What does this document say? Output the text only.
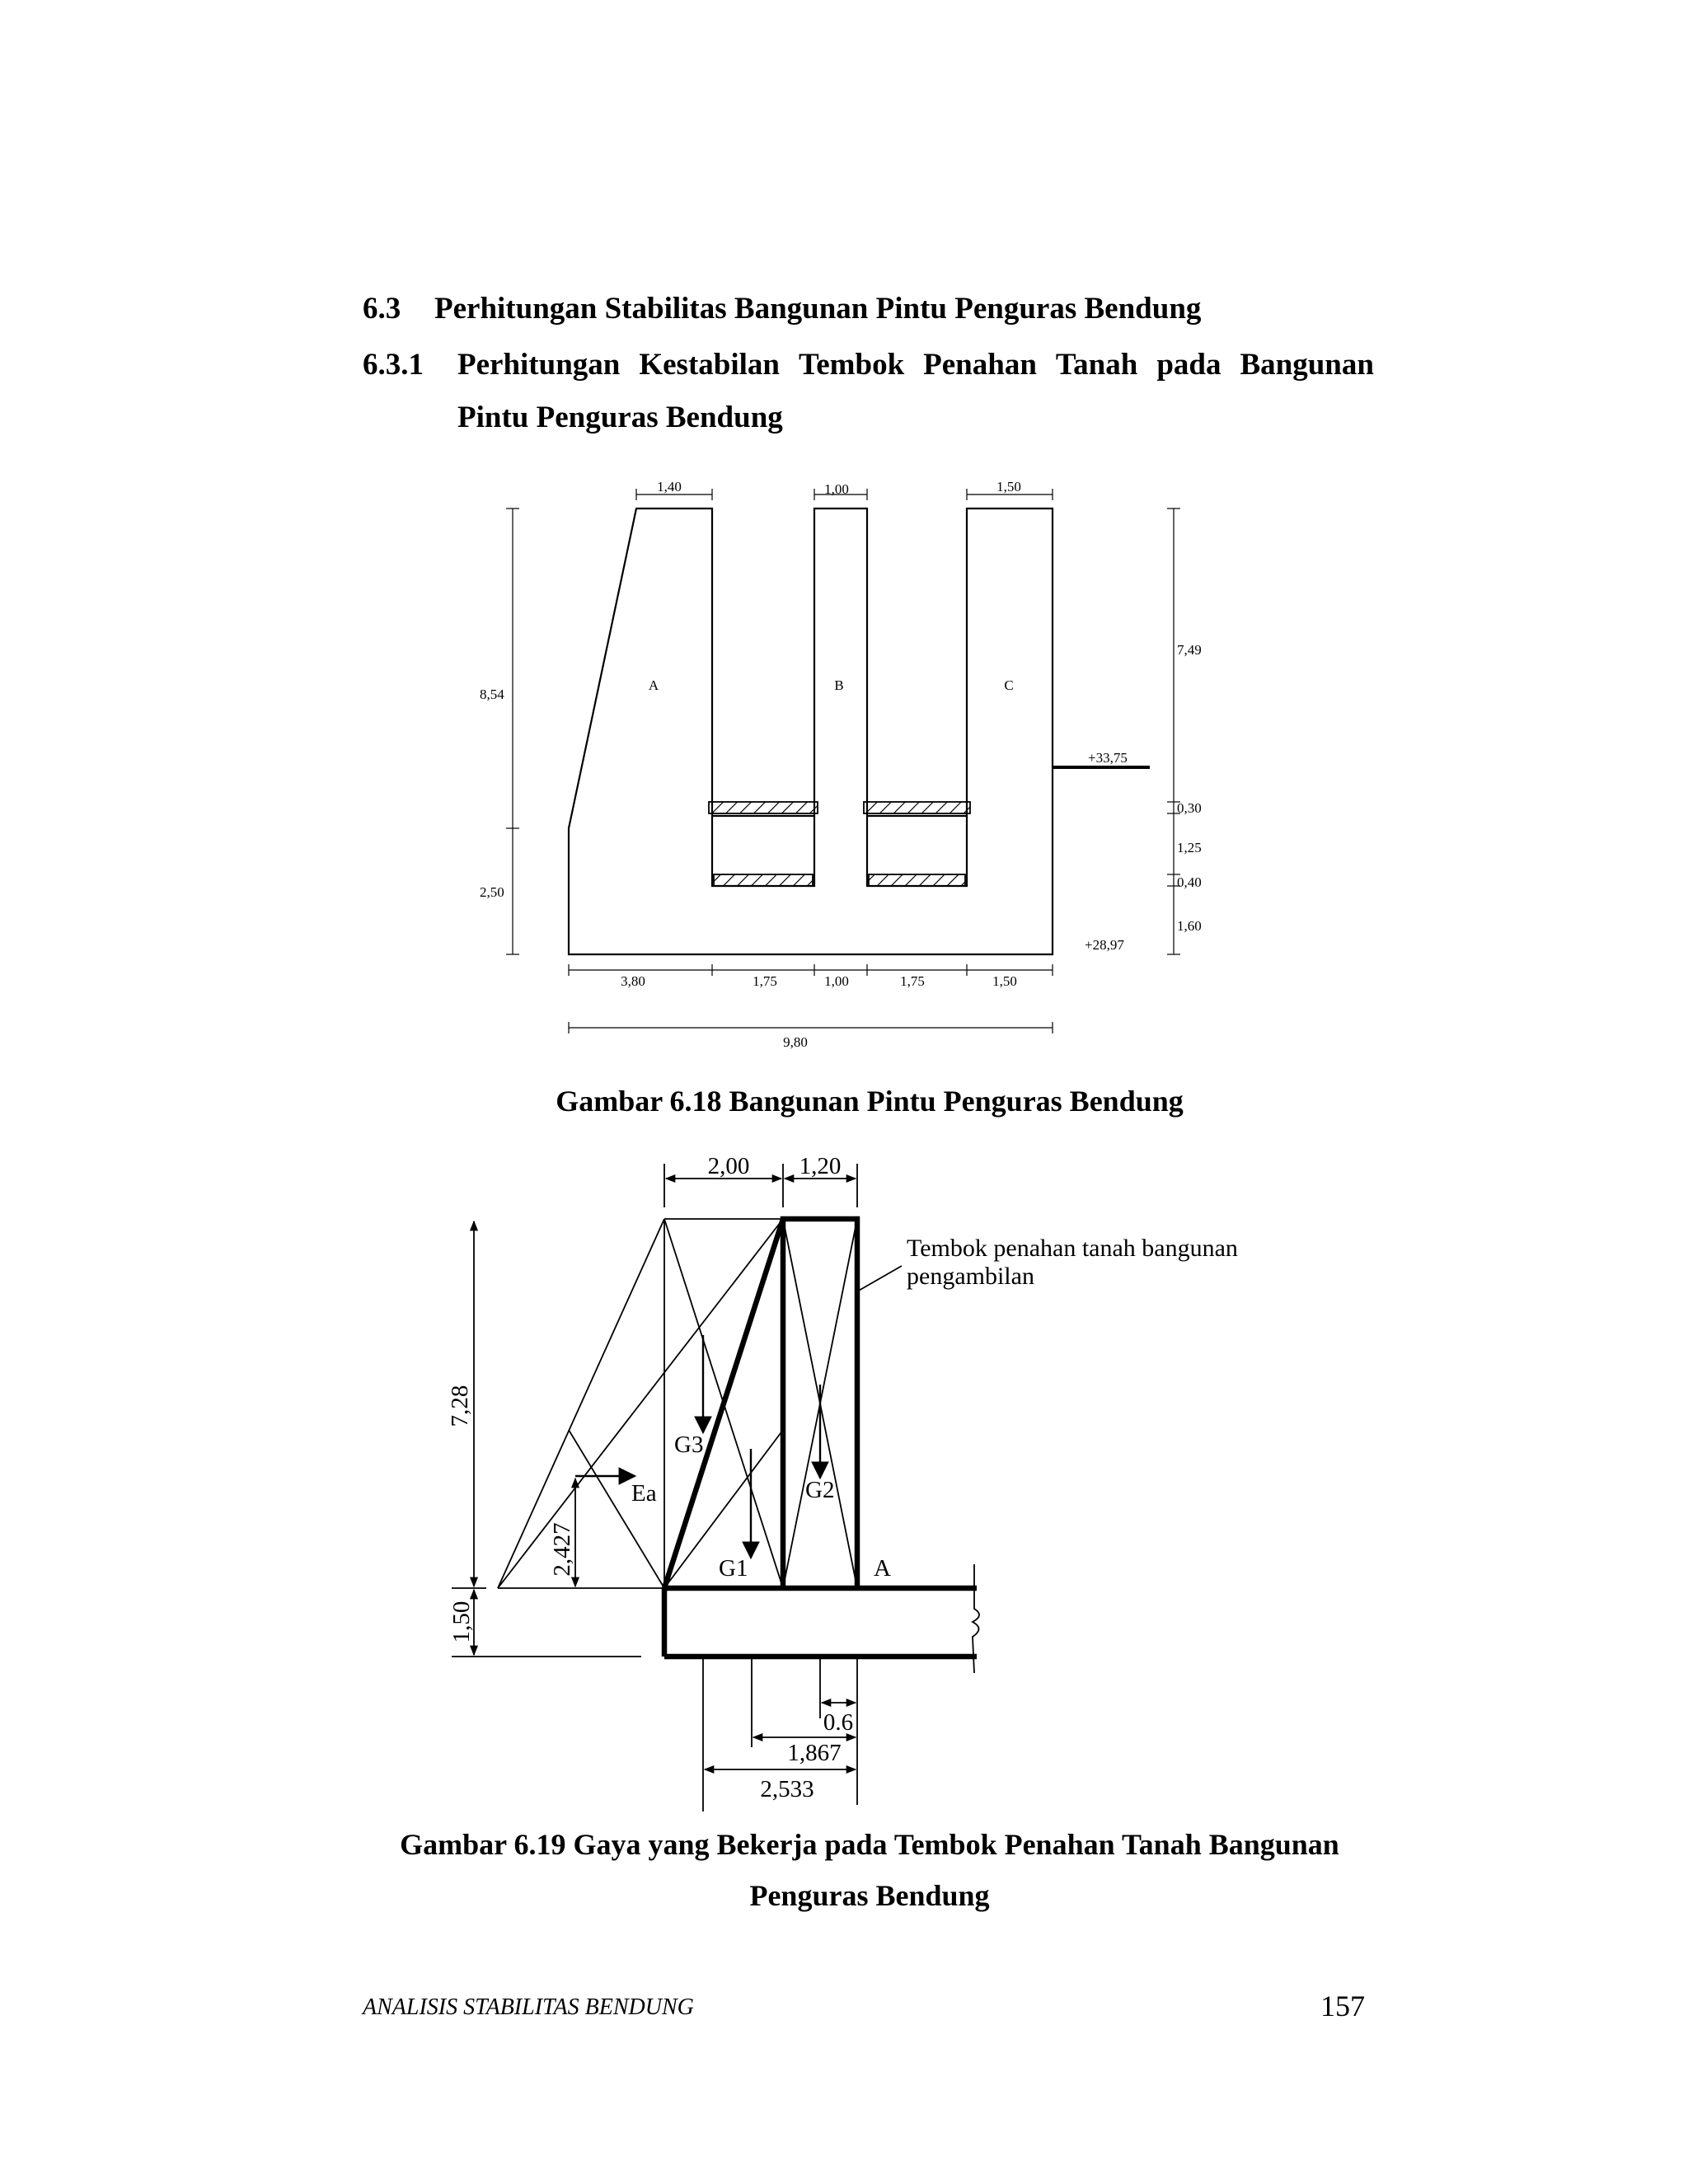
6.3 Perhitungan Stabilitas Bangunan Pintu Penguras Bendung
6.3.1 Perhitungan Kestabilan Tembok Penahan Tanah pada Bangunan
Pintu Penguras Bendung
A	B	C
1,40	1,00	1,50
8,54
2,50
7,49
0,30
1,25
0,40
1,60
+33,75
+28,97
3,80	1,75	1,00	1,75	1,50
9,80
Gambar 6.18 Bangunan Pintu Penguras Bendung
2,00 1,20
7,28
2,427
1,50
G3
G2
G1
Ea
A
0.6
1,867
2,533
Tembok penahan tanah bangunan
pengambilan
Gambar 6.19 Gaya yang Bekerja pada Tembok Penahan Tanah Bangunan
Penguras Bendung
ANALISIS STABILITAS BENDUNG	157
